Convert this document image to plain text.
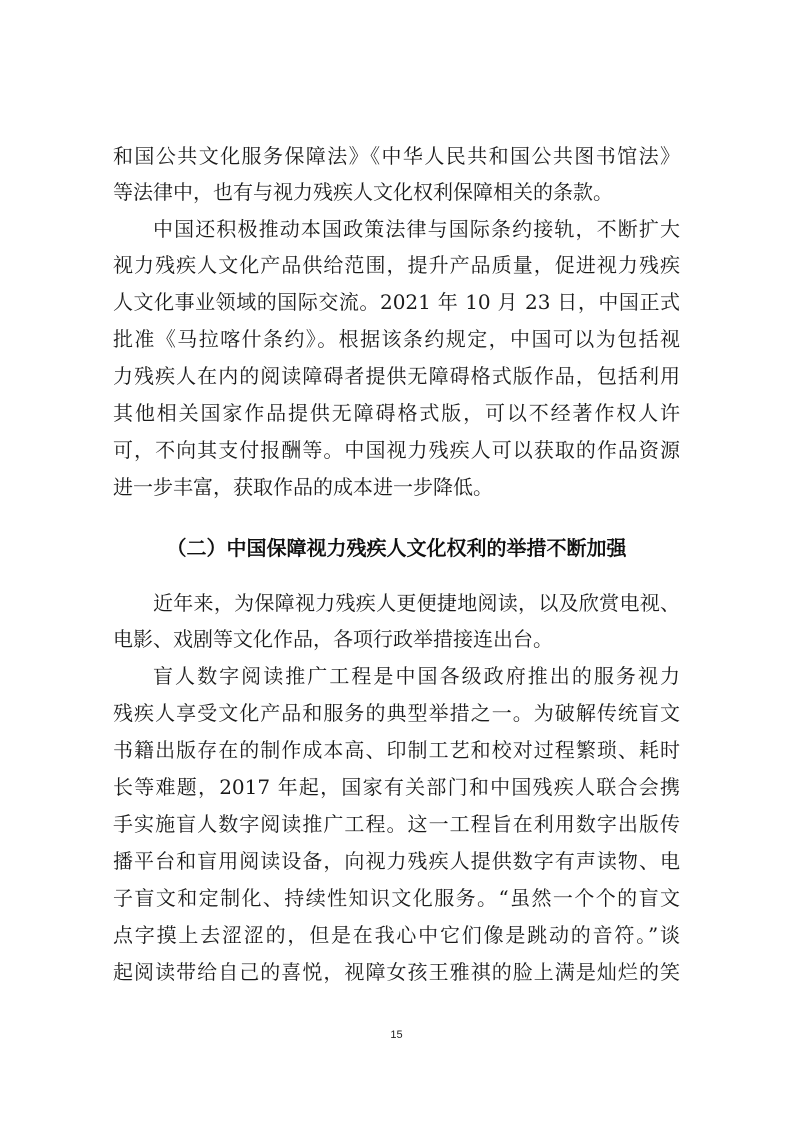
和国公共文化服务保障法》《中华人民共和国公共图书馆法》
等法律中，也有与视力残疾人文化权利保障相关的条款。
中国还积极推动本国政策法律与国际条约接轨，不断扩大
视力残疾人文化产品供给范围，提升产品质量，促进视力残疾
人文化事业领域的国际交流。2021 年 10 月 23 日，中国正式
批准《马拉喀什条约》。根据该条约规定，中国可以为包括视
力残疾人在内的阅读障碍者提供无障碍格式版作品，包括利用
其他相关国家作品提供无障碍格式版，可以不经著作权人许
可，不向其支付报酬等。中国视力残疾人可以获取的作品资源
进一步丰富，获取作品的成本进一步降低。
（二）中国保障视力残疾人文化权利的举措不断加强
近年来，为保障视力残疾人更便捷地阅读，以及欣赏电视、
电影、戏剧等文化作品，各项行政举措接连出台。
盲人数字阅读推广工程是中国各级政府推出的服务视力
残疾人享受文化产品和服务的典型举措之一。为破解传统盲文
书籍出版存在的制作成本高、印制工艺和校对过程繁琐、耗时
长等难题，2017 年起，国家有关部门和中国残疾人联合会携
手实施盲人数字阅读推广工程。这一工程旨在利用数字出版传
播平台和盲用阅读设备，向视力残疾人提供数字有声读物、电
子盲文和定制化、持续性知识文化服务。“虽然一个个的盲文
点字摸上去涩涩的，但是在我心中它们像是跳动的音符。”谈
起阅读带给自己的喜悦，视障女孩王雅祺的脸上满是灿烂的笑
15
